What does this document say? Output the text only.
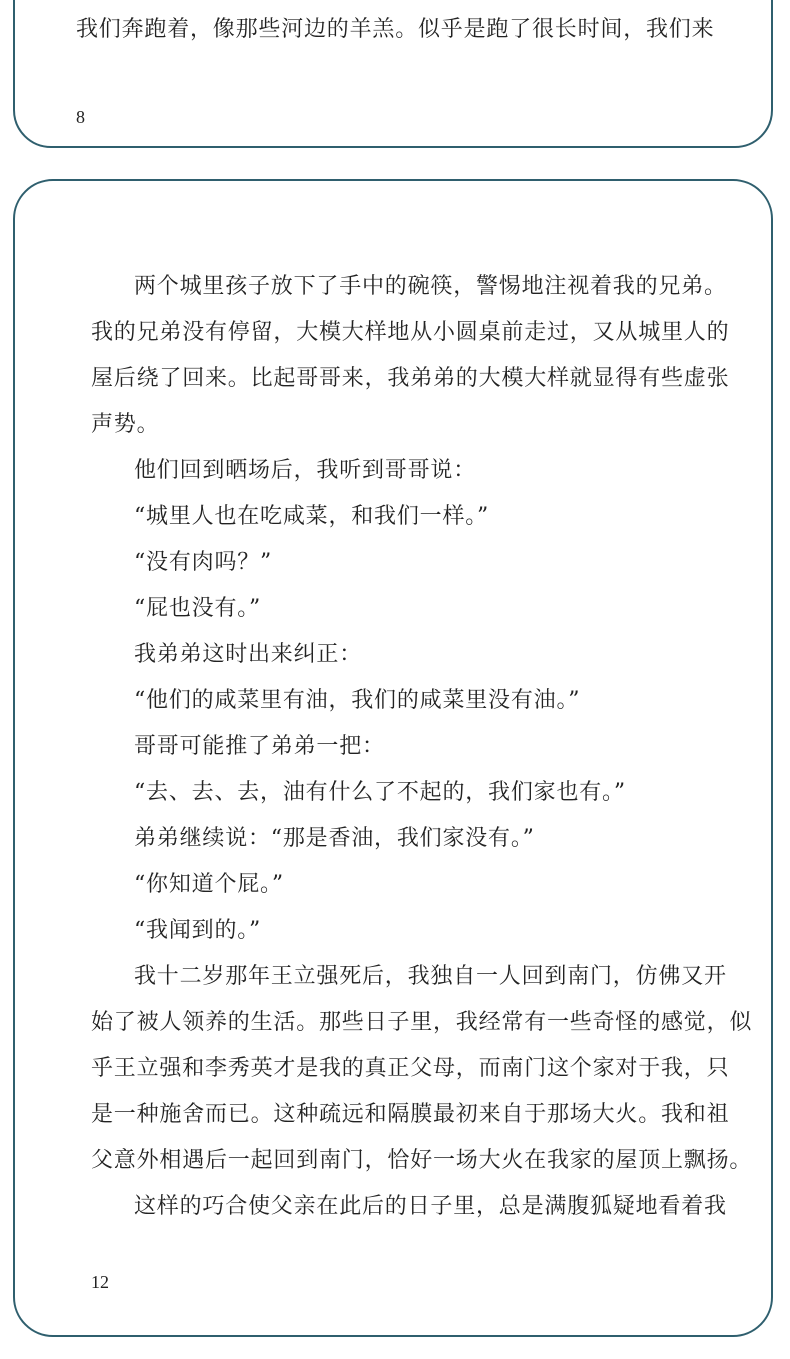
我们奔跑着，像那些河边的羊羔。似乎是跑了很长时间，我们来
8
两个城里孩子放下了手中的碗筷，警惕地注视着我的兄弟。
我的兄弟没有停留，大模大样地从小圆桌前走过，又从城里人的
屋后绕了回来。比起哥哥来，我弟弟的大模大样就显得有些虚张
声势。
他们回到晒场后，我听到哥哥说：
“城里人也在吃咸菜，和我们一样。”
“没有肉吗？”
“屁也没有。”
我弟弟这时出来纠正：
“他们的咸菜里有油，我们的咸菜里没有油。”
哥哥可能推了弟弟一把：
“去、去、去，油有什么了不起的，我们家也有。”
弟弟继续说：“那是香油，我们家没有。”
“你知道个屁。”
“我闻到的。”
我十二岁那年王立强死后，我独自一人回到南门，仿佛又开
始了被人领养的生活。那些日子里，我经常有一些奇怪的感觉，似
乎王立强和李秀英才是我的真正父母，而南门这个家对于我，只
是一种施舍而已。这种疏远和隔膜最初来自于那场大火。我和祖
父意外相遇后一起回到南门，恰好一场大火在我家的屋顶上飘扬。
这样的巧合使父亲在此后的日子里，总是满腹狐疑地看着我
12
